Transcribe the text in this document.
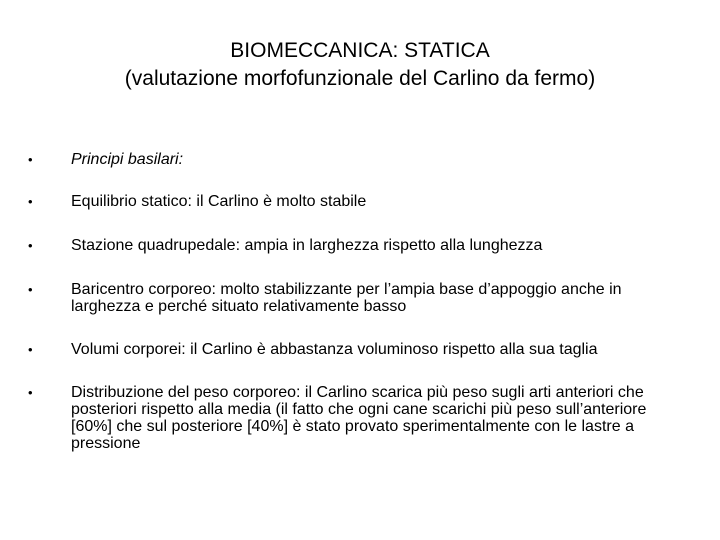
BIOMECCANICA: STATICA
(valutazione morfofunzionale del Carlino da fermo)
• Principi basilari:
• Equilibrio statico: il Carlino è molto stabile
• Stazione quadrupedale: ampia in larghezza rispetto alla lunghezza
• Baricentro corporeo: molto stabilizzante per l’ampia base d’appoggio anche in larghezza e perché situato relativamente basso
• Volumi corporei: il Carlino è abbastanza voluminoso rispetto alla sua taglia
• Distribuzione del peso corporeo: il Carlino scarica più peso sugli arti anteriori che posteriori rispetto alla media (il fatto che ogni cane scarichi più peso sull’anteriore [60%] che sul posteriore [40%] è stato provato sperimentalmente con le lastre a pressione
